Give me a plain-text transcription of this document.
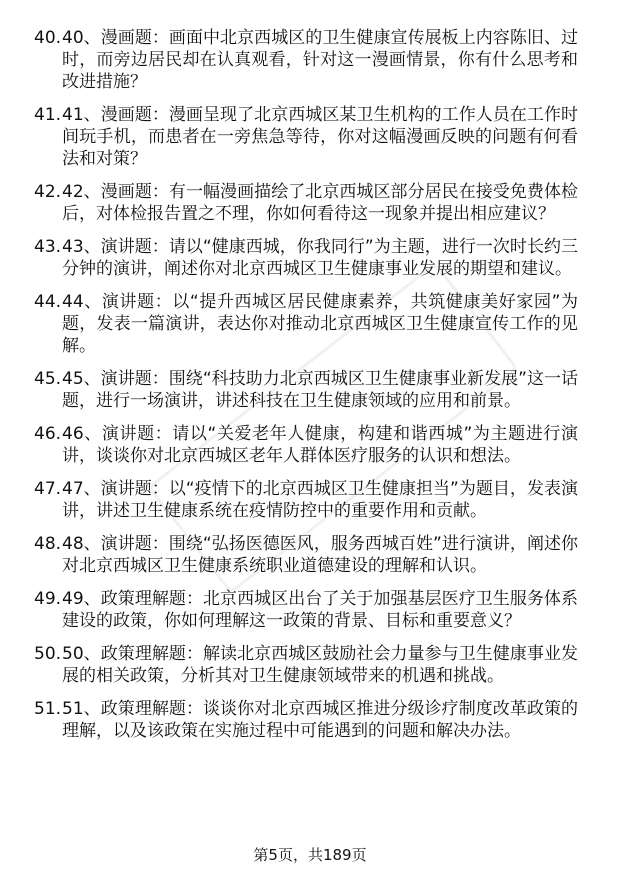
40. 40、漫画题：画面中北京西城区的卫生健康宣传展板上内容陈旧、过时，而旁边居民却在认真观看，针对这一漫画情景，你有什么思考和改进措施？
41. 41、漫画题：漫画呈现了北京西城区某卫生机构的工作人员在工作时间玩手机，而患者在一旁焦急等待，你对这幅漫画反映的问题有何看法和对策？
42. 42、漫画题：有一幅漫画描绘了北京西城区部分居民在接受免费体检后，对体检报告置之不理，你如何看待这一现象并提出相应建议？
43. 43、演讲题：请以“健康西城，你我同行”为主题，进行一次时长约三分钟的演讲，阐述你对北京西城区卫生健康事业发展的期望和建议。
44. 44、演讲题：以“提升西城区居民健康素养，共筑健康美好家园”为题，发表一篇演讲，表达你对推动北京西城区卫生健康宣传工作的见解。
45. 45、演讲题：围绕“科技助力北京西城区卫生健康事业新发展”这一话题，进行一场演讲，讲述科技在卫生健康领域的应用和前景。
46. 46、演讲题：请以“关爱老年人健康，构建和谐西城”为主题进行演讲，谈谈你对北京西城区老年人群体医疗服务的认识和想法。
47. 47、演讲题：以“疫情下的北京西城区卫生健康担当”为题目，发表演讲，讲述卫生健康系统在疫情防控中的重要作用和贡献。
48. 48、演讲题：围绕“弘扬医德医风，服务西城百姓”进行演讲，阐述你对北京西城区卫生健康系统职业道德建设的理解和认识。
49. 49、政策理解题：北京西城区出台了关于加强基层医疗卫生服务体系建设的政策，你如何理解这一政策的背景、目标和重要意义？
50. 50、政策理解题：解读北京西城区鼓励社会力量参与卫生健康事业发展的相关政策，分析其对卫生健康领域带来的机遇和挑战。
51. 51、政策理解题：谈谈你对北京西城区推进分级诊疗制度改革政策的理解，以及该政策在实施过程中可能遇到的问题和解决办法。
第5页，共189页
